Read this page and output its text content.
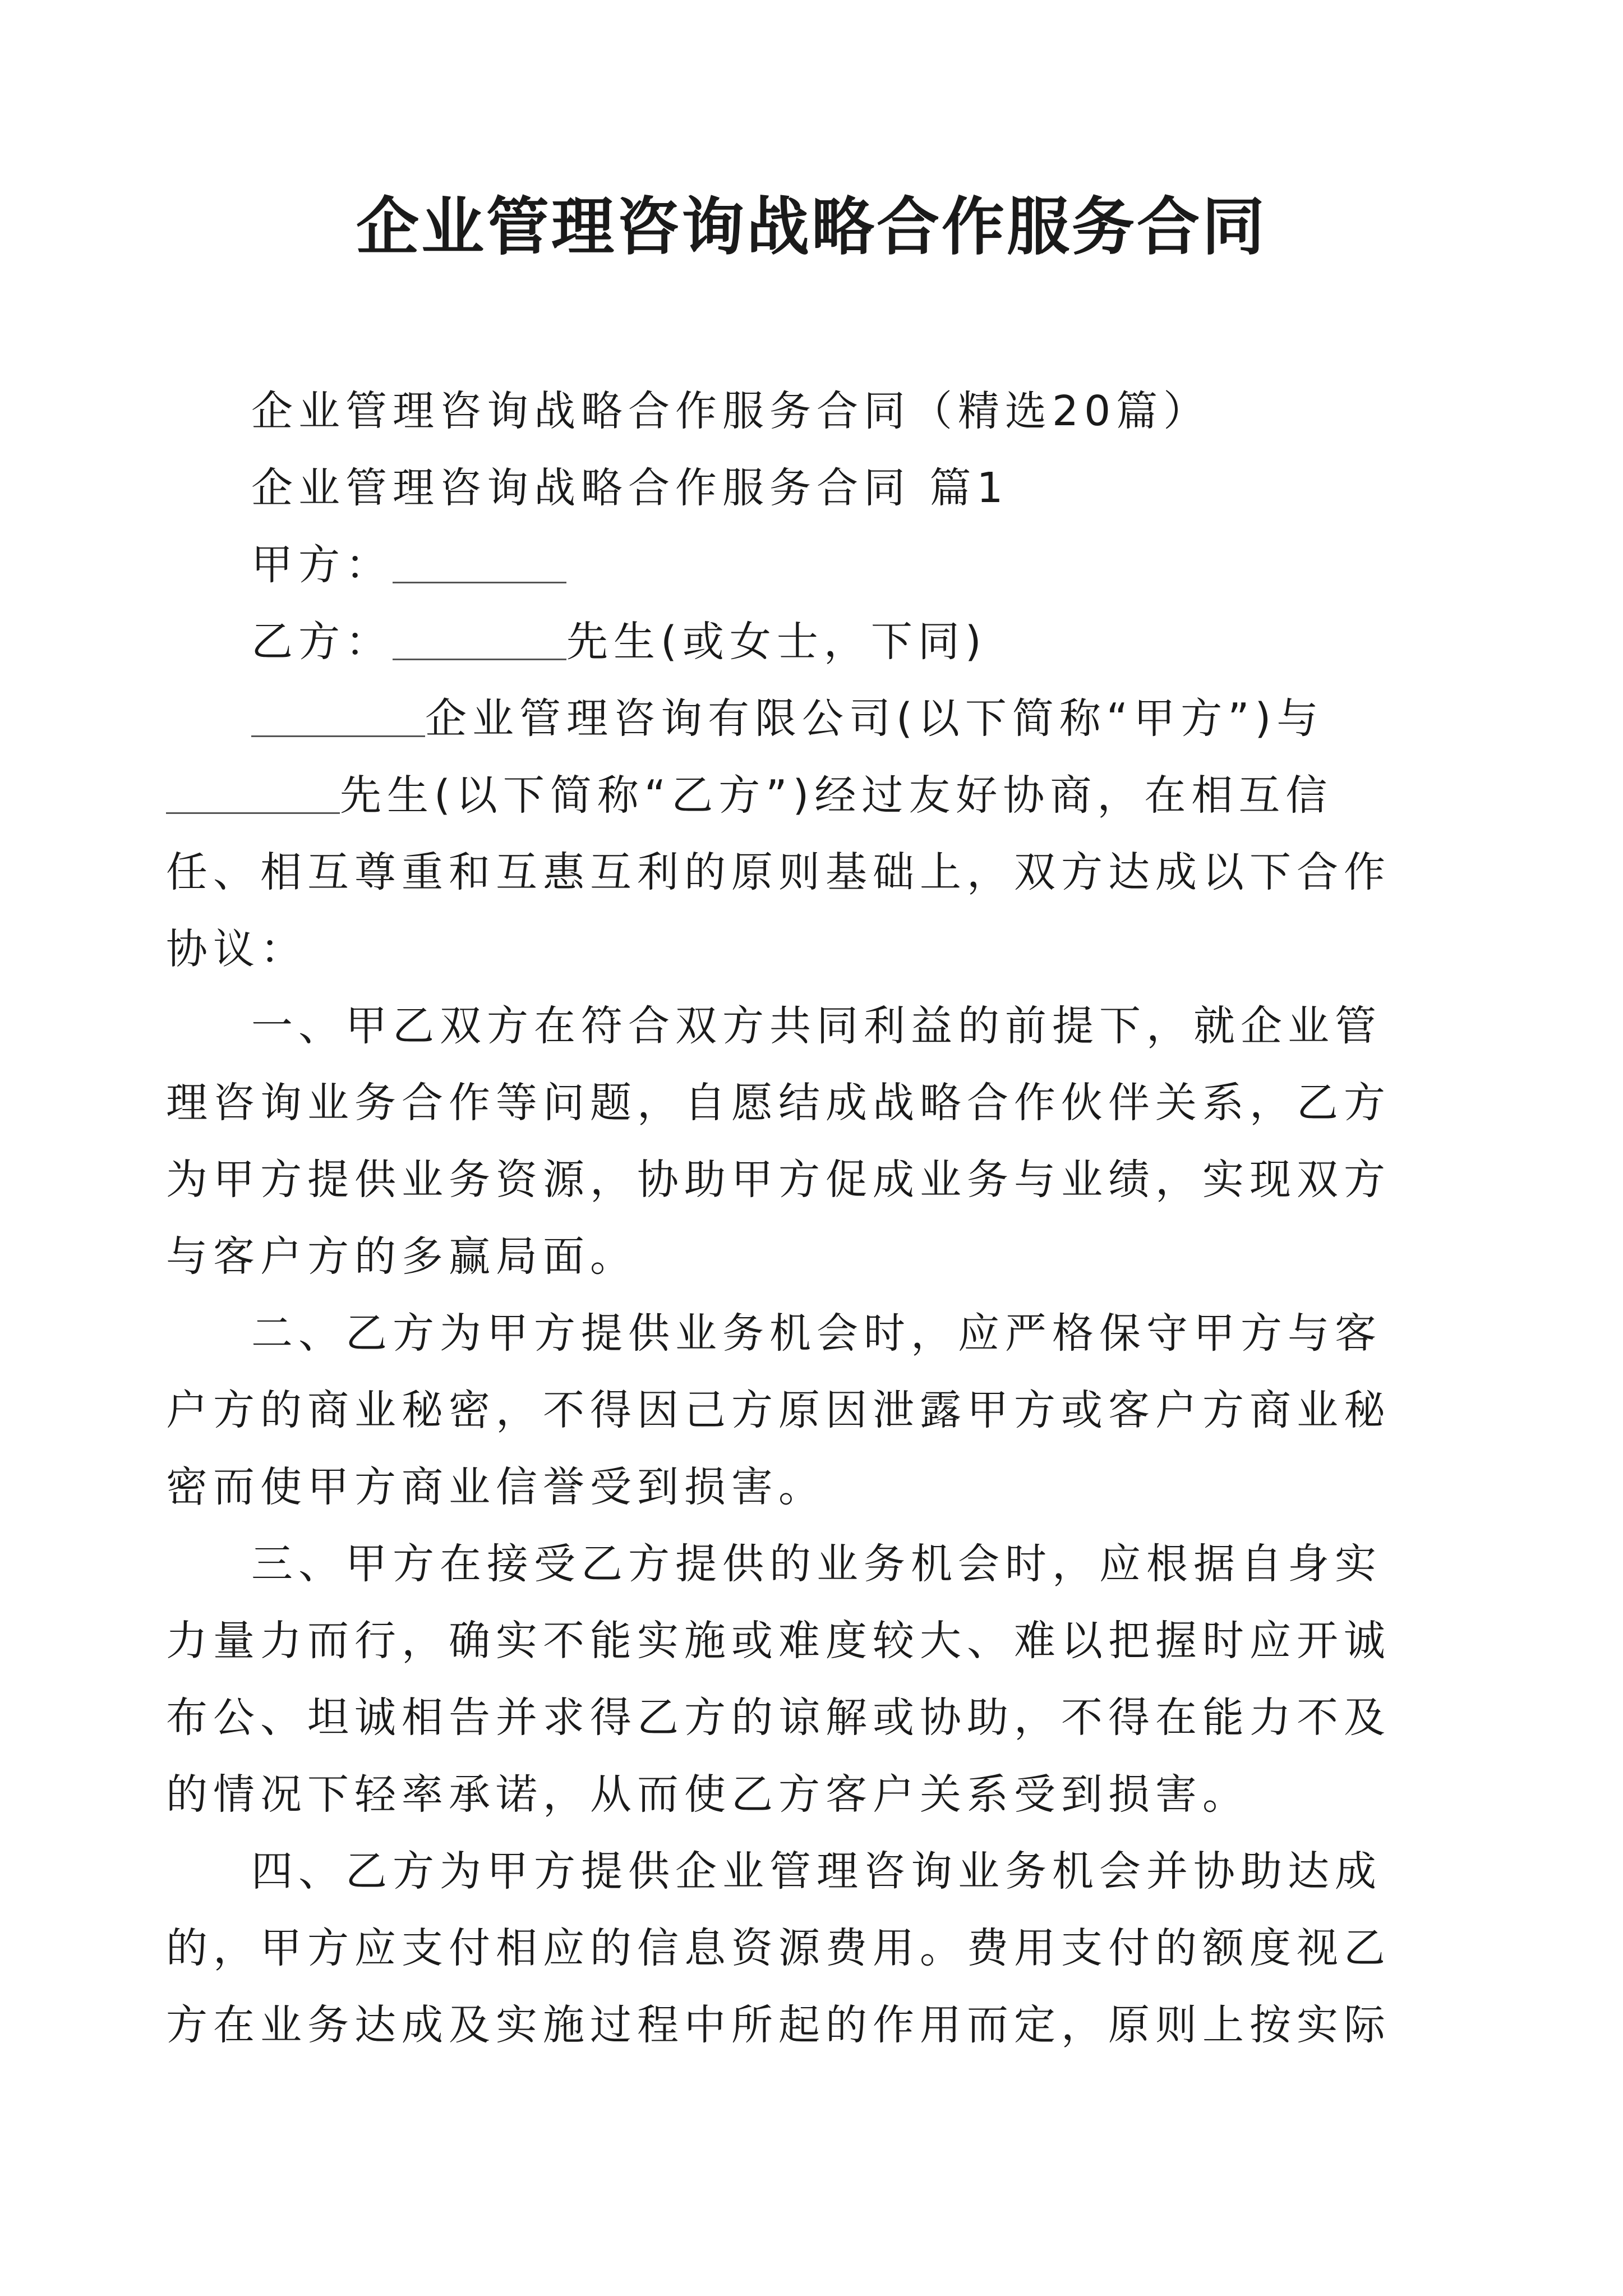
企业管理咨询战略合作服务合同
企业管理咨询战略合作服务合同（精选20篇）
企业管理咨询战略合作服务合同 篇1
甲方：
乙方：	先生(或女士，下同)
企业管理咨询有限公司(以下简称“甲方”)与
先生(以下简称“乙方”)经过友好协商，在相互信
任、相互尊重和互惠互利的原则基础上，双方达成以下合作
协议：
一、甲乙双方在符合双方共同利益的前提下，就企业管
理咨询业务合作等问题，自愿结成战略合作伙伴关系，乙方
为甲方提供业务资源，协助甲方促成业务与业绩，实现双方
与客户方的多赢局面。
二、乙方为甲方提供业务机会时，应严格保守甲方与客
户方的商业秘密，不得因己方原因泄露甲方或客户方商业秘
密而使甲方商业信誉受到损害。
三、甲方在接受乙方提供的业务机会时，应根据自身实
力量力而行，确实不能实施或难度较大、难以把握时应开诚
布公、坦诚相告并求得乙方的谅解或协助，不得在能力不及
的情况下轻率承诺，从而使乙方客户关系受到损害。
四、乙方为甲方提供企业管理咨询业务机会并协助达成
的，甲方应支付相应的信息资源费用。费用支付的额度视乙
方在业务达成及实施过程中所起的作用而定，原则上按实际
